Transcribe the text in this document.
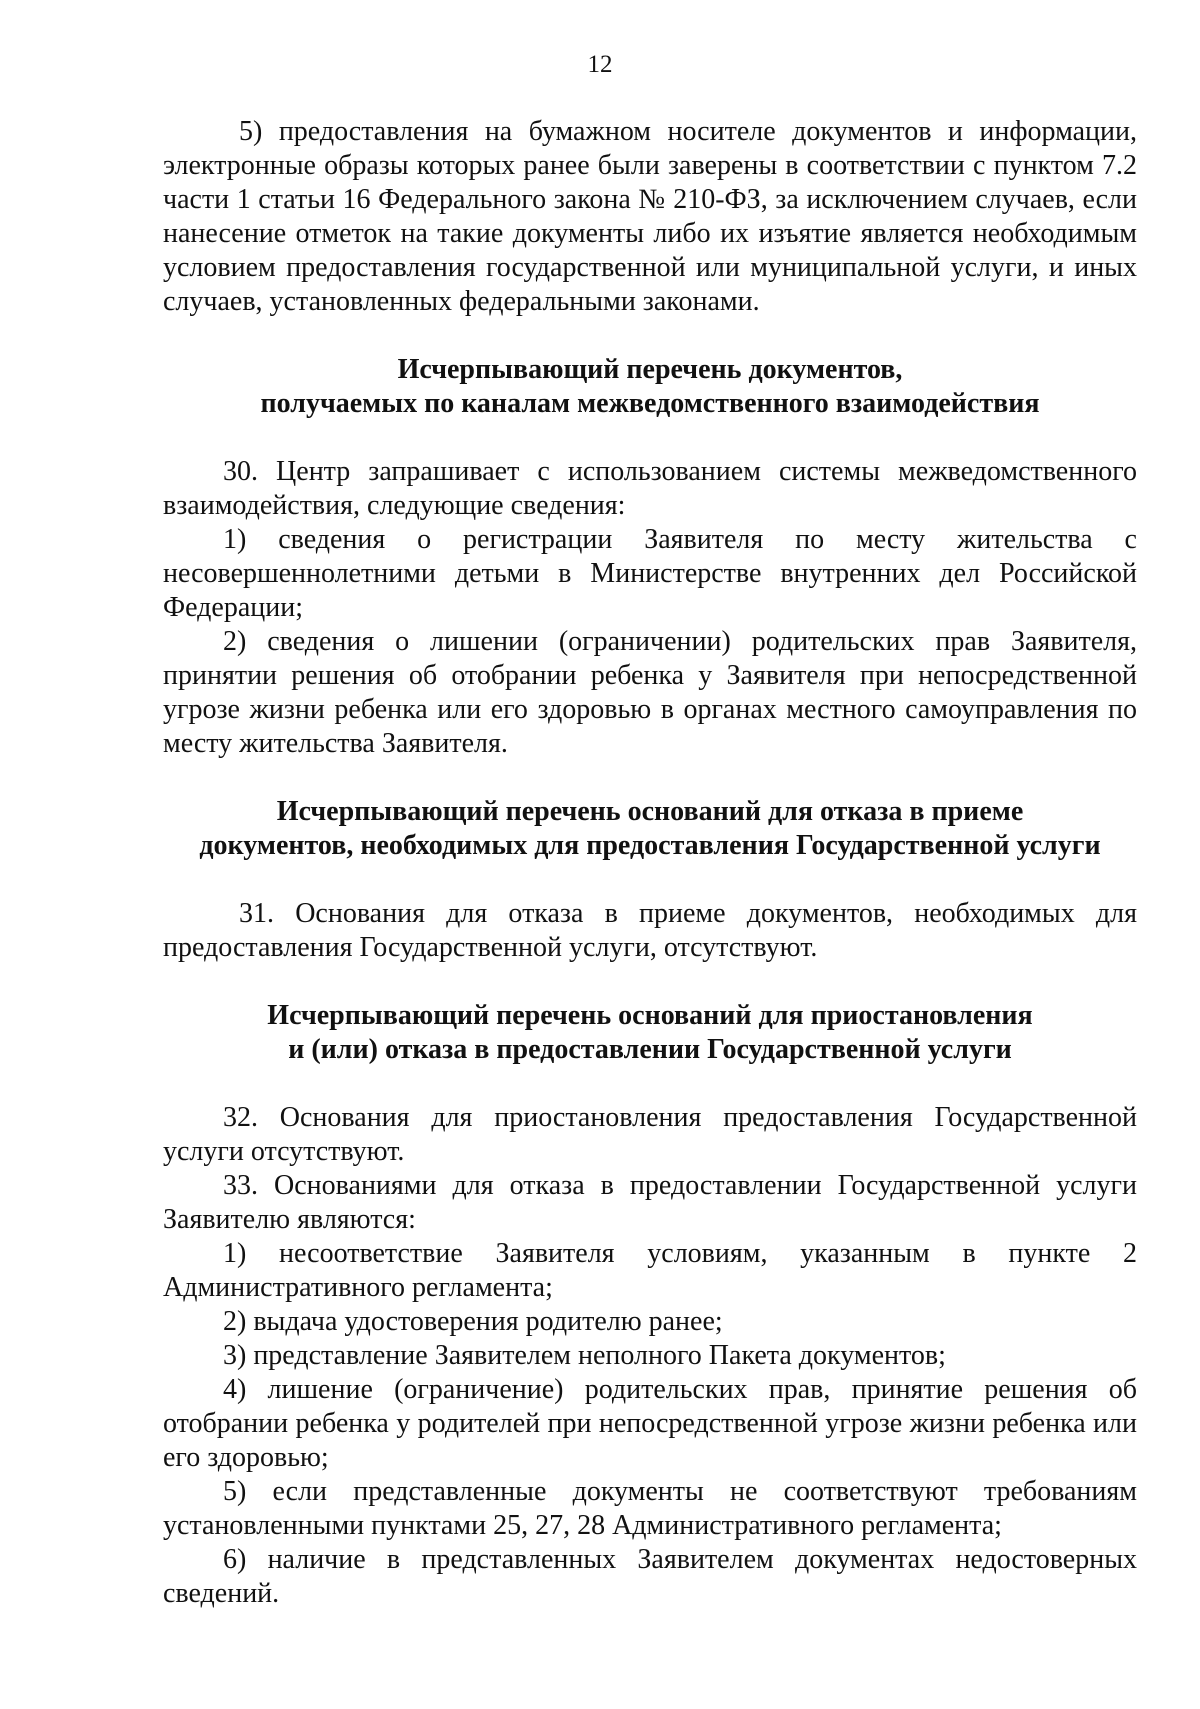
12

5) предоставления на бумажном носителе документов и информации, электронные образы которых ранее были заверены в соответствии с пунктом 7.2 части 1 статьи 16 Федерального закона № 210-ФЗ, за исключением случаев, если нанесение отметок на такие документы либо их изъятие является необходимым условием предоставления государственной или муниципальной услуги, и иных случаев, установленных федеральными законами.

Исчерпывающий перечень документов,
получаемых по каналам межведомственного взаимодействия

30. Центр запрашивает с использованием системы межведомственного взаимодействия, следующие сведения:

1) сведения о регистрации Заявителя по месту жительства с несовершеннолетними детьми в Министерстве внутренних дел Российской Федерации;

2) сведения о лишении (ограничении) родительских прав Заявителя, принятии решения об отобрании ребенка у Заявителя при непосредственной угрозе жизни ребенка или его здоровью в органах местного самоуправления по месту жительства Заявителя.

Исчерпывающий перечень оснований для отказа в приеме
документов, необходимых для предоставления Государственной услуги

31. Основания для отказа в приеме документов, необходимых для предоставления Государственной услуги, отсутствуют.

Исчерпывающий перечень оснований для приостановления
и (или) отказа в предоставлении Государственной услуги

32. Основания для приостановления предоставления Государственной услуги отсутствуют.

33. Основаниями для отказа в предоставлении Государственной услуги Заявителю являются:

1) несоответствие Заявителя условиям, указанным в пункте 2 Административного регламента;

2) выдача удостоверения родителю ранее;

3) представление Заявителем неполного Пакета документов;

4) лишение (ограничение) родительских прав, принятие решения об отобрании ребенка у родителей при непосредственной угрозе жизни ребенка или его здоровью;

5) если представленные документы не соответствуют требованиям установленными пунктами 25, 27, 28 Административного регламента;

6) наличие в представленных Заявителем документах недостоверных сведений.
